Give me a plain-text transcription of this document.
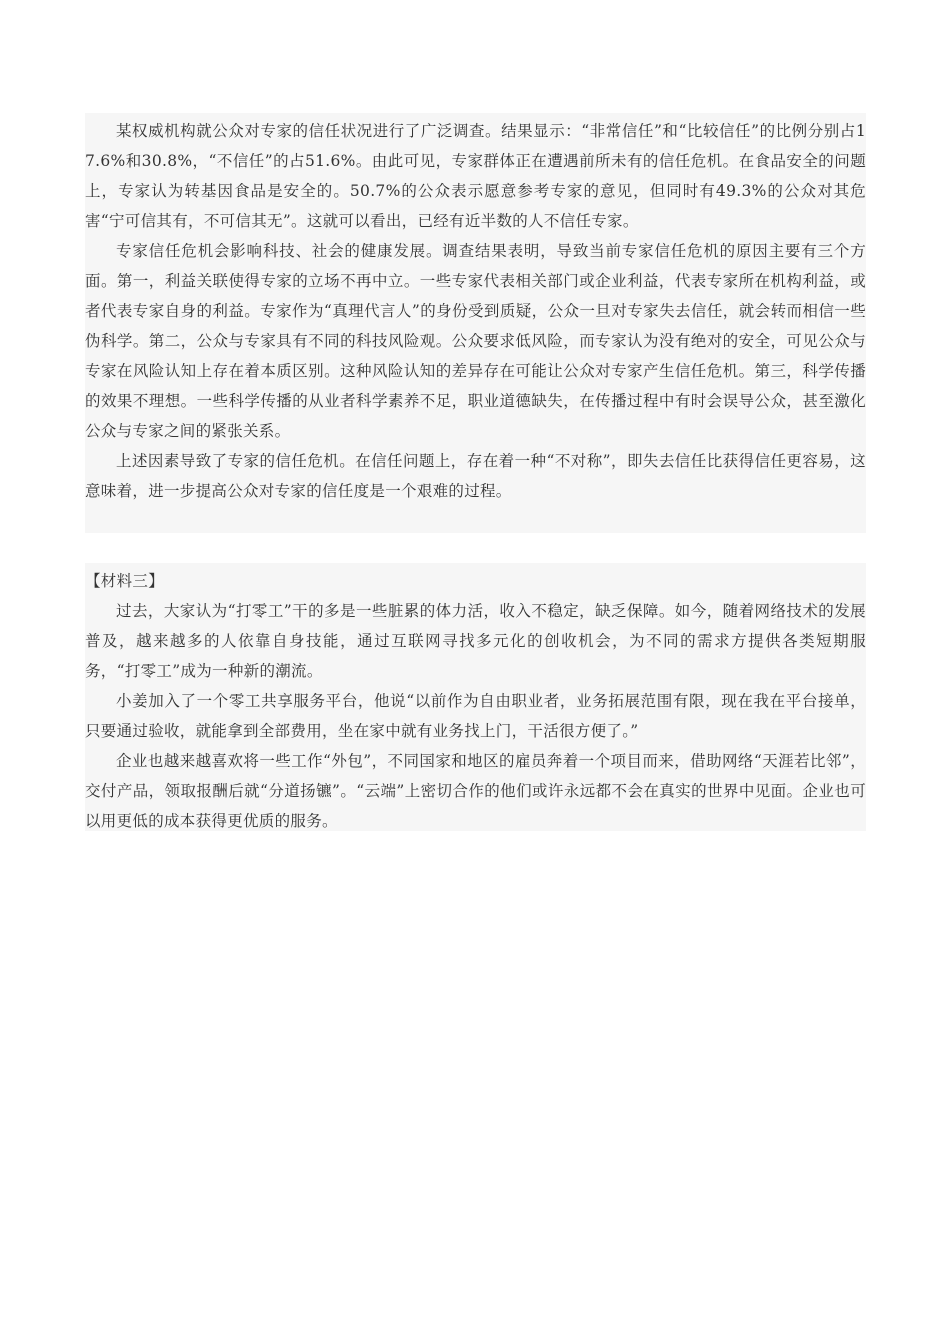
某权威机构就公众对专家的信任状况进行了广泛调查。结果显示：“非常信任”和“比较信任”的比例分别占17.6%和30.8%，“不信任”的占51.6%。由此可见，专家群体正在遭遇前所未有的信任危机。在食品安全的问题上，专家认为转基因食品是安全的。50.7%的公众表示愿意参考专家的意见，但同时有49.3%的公众对其危害“宁可信其有，不可信其无”。这就可以看出，已经有近半数的人不信任专家。

专家信任危机会影响科技、社会的健康发展。调查结果表明，导致当前专家信任危机的原因主要有三个方面。第一，利益关联使得专家的立场不再中立。一些专家代表相关部门或企业利益，代表专家所在机构利益，或者代表专家自身的利益。专家作为“真理代言人”的身份受到质疑，公众一旦对专家失去信任，就会转而相信一些伪科学。第二，公众与专家具有不同的科技风险观。公众要求低风险，而专家认为没有绝对的安全，可见公众与专家在风险认知上存在着本质区别。这种风险认知的差异存在可能让公众对专家产生信任危机。第三，科学传播的效果不理想。一些科学传播的从业者科学素养不足，职业道德缺失，在传播过程中有时会误导公众，甚至激化公众与专家之间的紧张关系。

上述因素导致了专家的信任危机。在信任问题上，存在着一种“不对称”，即失去信任比获得信任更容易，这意味着，进一步提高公众对专家的信任度是一个艰难的过程。

【材料三】

过去，大家认为“打零工”干的多是一些脏累的体力活，收入不稳定，缺乏保障。如今，随着网络技术的发展普及，越来越多的人依靠自身技能，通过互联网寻找多元化的创收机会，为不同的需求方提供各类短期服务，“打零工”成为一种新的潮流。

小姜加入了一个零工共享服务平台，他说“以前作为自由职业者，业务拓展范围有限，现在我在平台接单，只要通过验收，就能拿到全部费用，坐在家中就有业务找上门，干活很方便了。”

企业也越来越喜欢将一些工作“外包”，不同国家和地区的雇员奔着一个项目而来，借助网络“天涯若比邻”，交付产品，领取报酬后就“分道扬镳”。“云端”上密切合作的他们或许永远都不会在真实的世界中见面。企业也可以用更低的成本获得更优质的服务。
